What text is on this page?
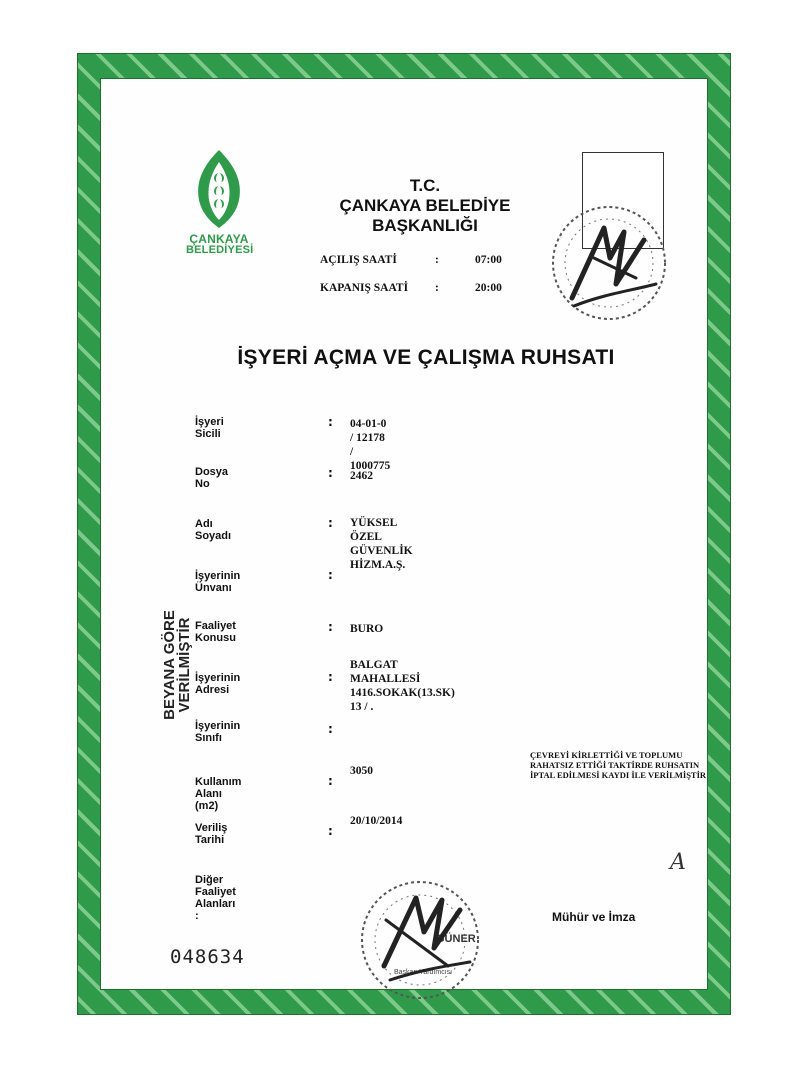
ÇANKAYA
BELEDİYESİ
T.C.
ÇANKAYA BELEDİYE
BAŞKANLIĞI
AÇILIŞ SAATİ	:	07:00
KAPANIŞ SAATİ :	20:00
İŞYERİ AÇMA VE ÇALIŞMA RUHSATI
İşyeri Sicili
: 04-01-0 / 12178 / 1000775
Dosya No
: 2462
Adı Soyadı
: YÜKSEL ÖZEL GÜVENLİK HİZM.A.Ş.
İşyerinin Ünvanı
:
Faaliyet Konusu
: BURO
İşyerinin Adresi
:
BALGAT MAHALLESİ
1416.SOKAK(13.SK)
13 / .
İşyerinin Sınıfı
:
Kullanım Alanı (m2)
:
3050
Veriliş Tarihi
:
20/10/2014
Diğer Faaliyet Alanları :
BEYANA GÖRE
VERİLMİŞTİR
ÇEVREYİ KİRLETTİĞİ VE TOPLUMU
RAHATSIZ ETTİĞİ TAKTİRDE RUHSATIN
İPTAL EDİLMESİ KAYDI İLE VERİLMİŞTİR
A
Mühür ve İmza
GÜNER
Başkan Yardımcısı
048634
